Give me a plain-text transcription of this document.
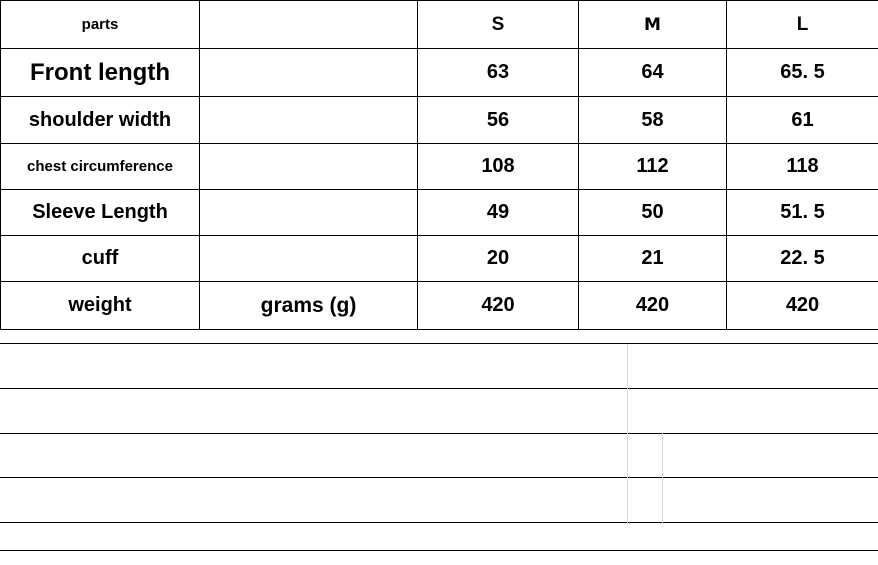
parts		S	M	L
Front length		63	64	65. 5
shoulder width		56	58	61
chest circumference		108	112	118
Sleeve Length		49	50	51. 5
cuff		20	21	22. 5
weight	grams (g)	420	420	420
